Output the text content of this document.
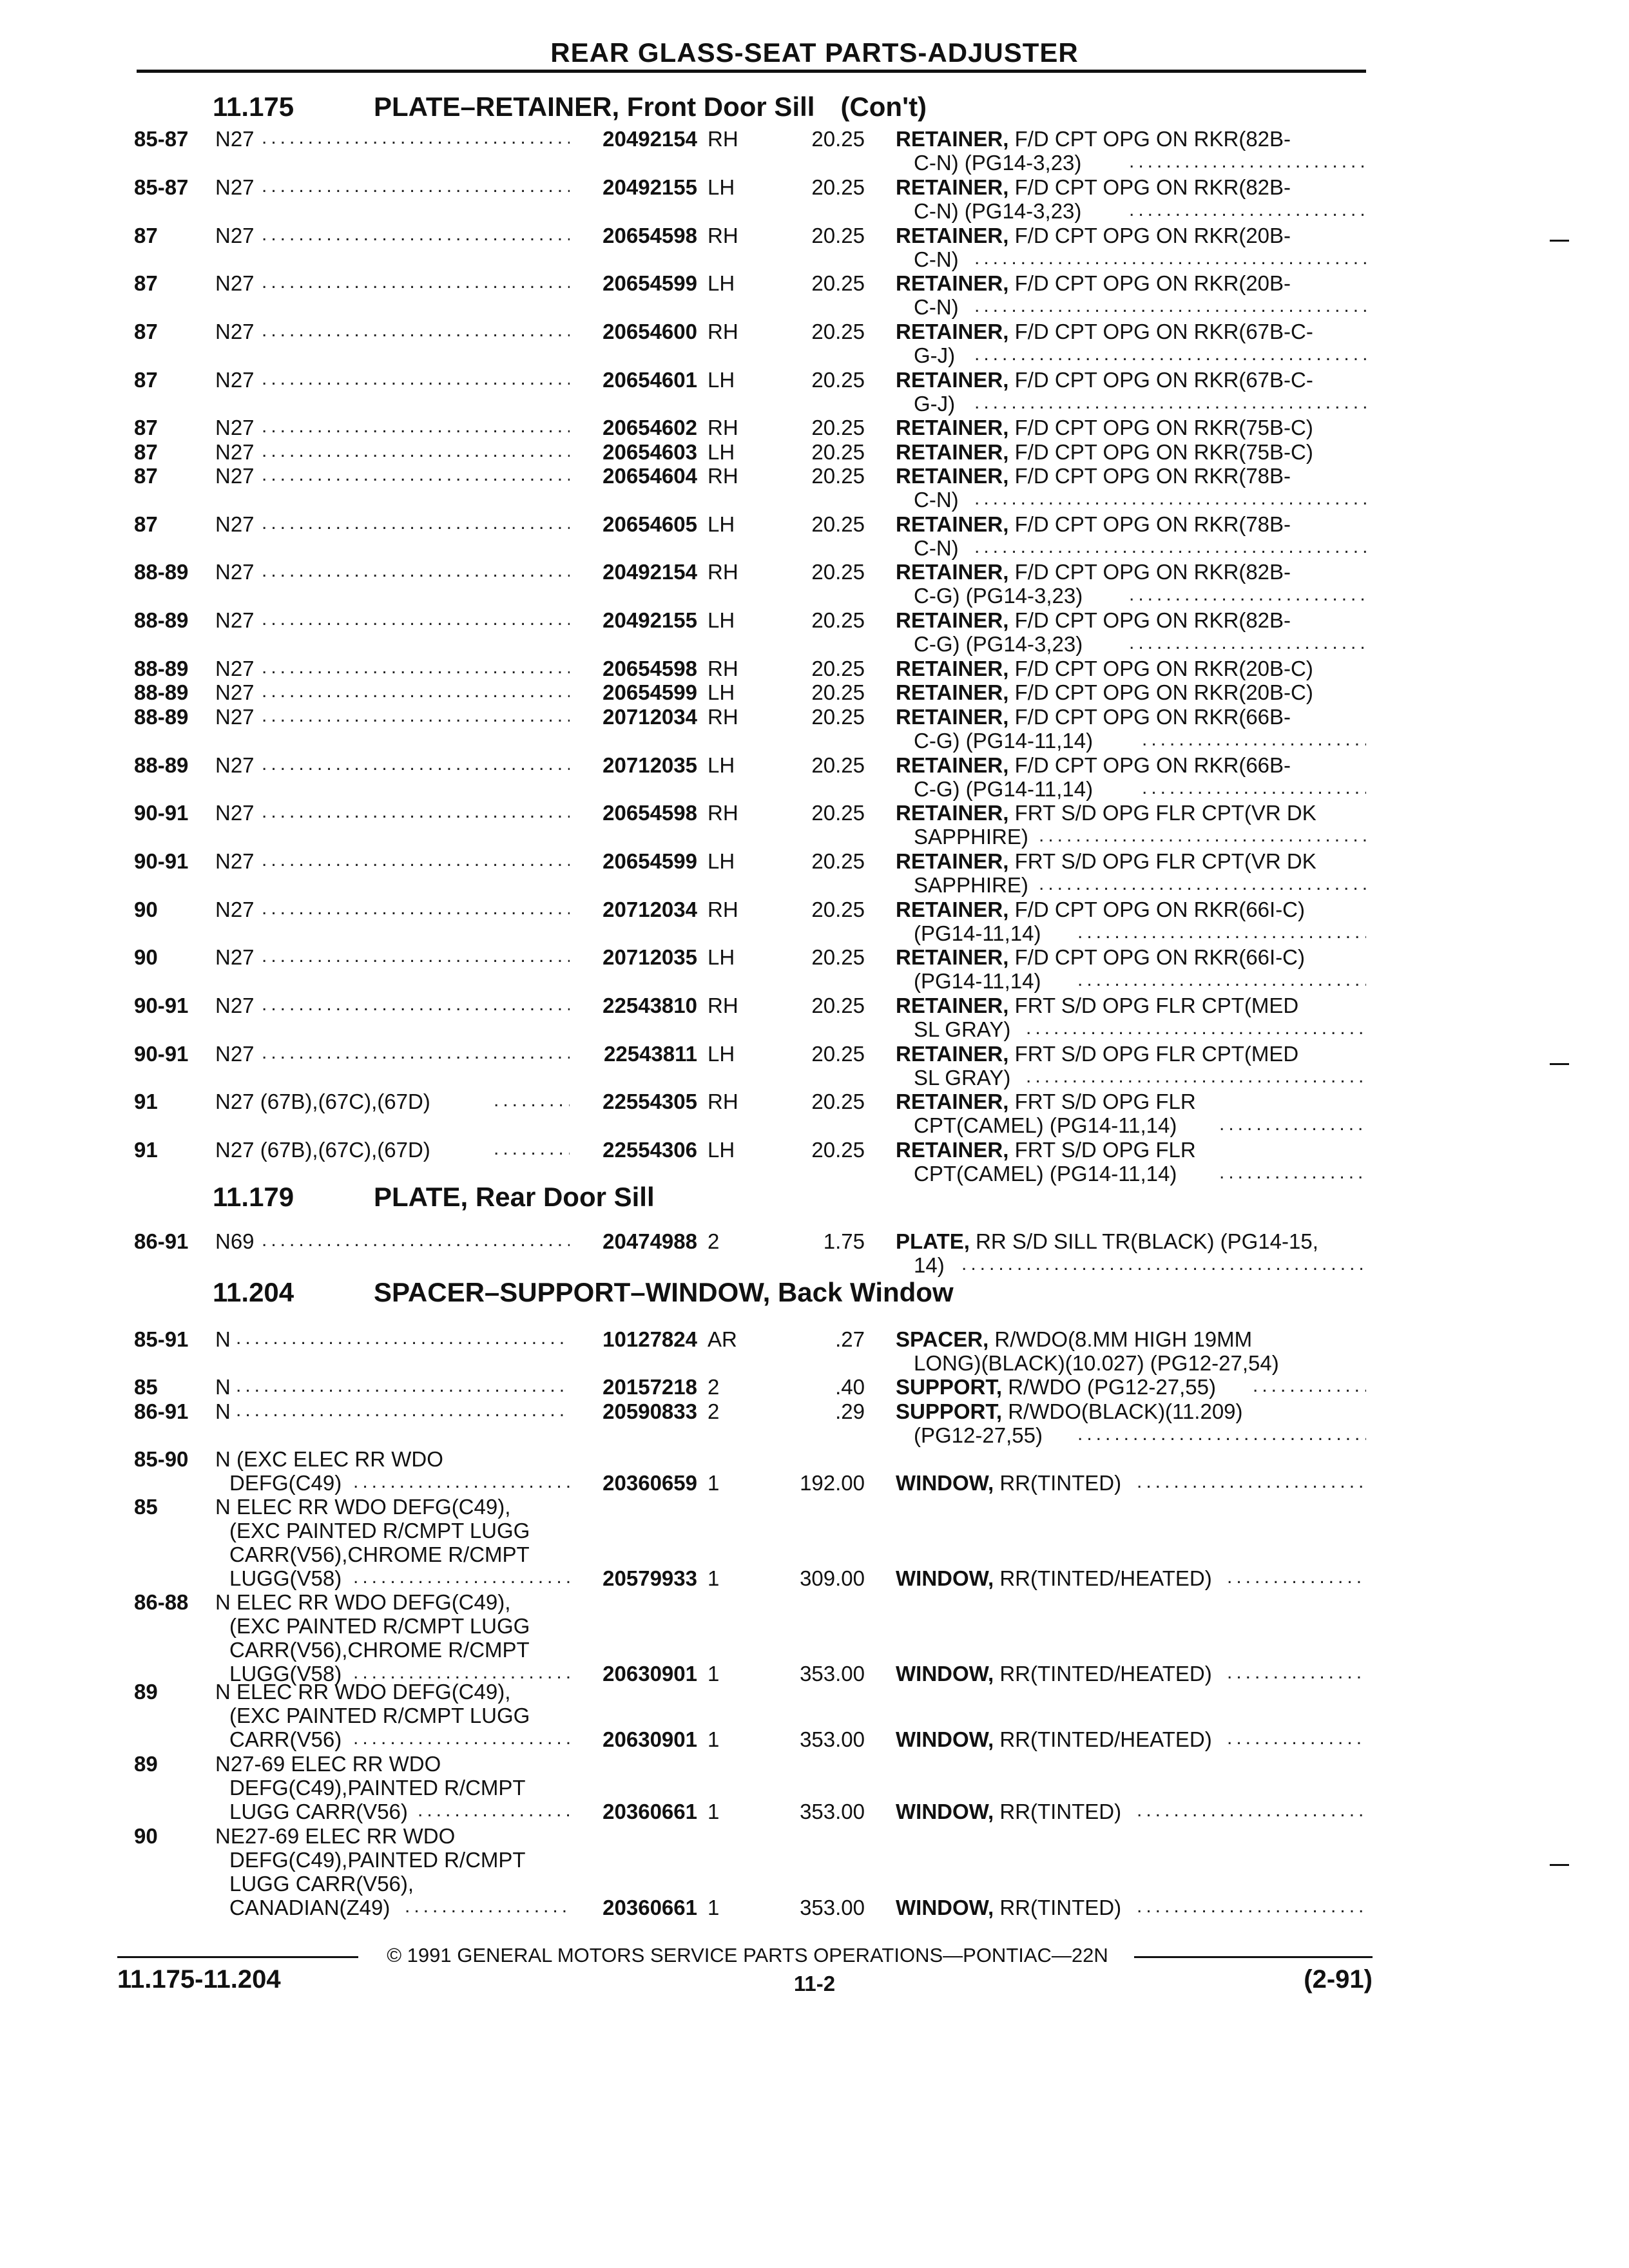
REAR GLASS-SEAT PARTS-ADJUSTER
11.175	PLATE–RETAINER, Front Door Sill (Con't)
11.179	PLATE, Rear Door Sill
11.204	SPACER–SUPPORT–WINDOW, Back Window
85-87 N27 .....	20492154 RH	20.25 RETAINER, F/D CPT OPG ON RKR(82B-
C-N) (PG14-3,23)
.....
85-87 N27 .....	20492155 LH	20.25 RETAINER, F/D CPT OPG ON RKR(82B-
C-N) (PG14-3,23)
.....
87	N27 .....	20654598 RH	20.25 RETAINER, F/D CPT OPG ON RKR(20B-
C-N)
.....
87	N27 .....	20654599 LH	20.25 RETAINER, F/D CPT OPG ON RKR(20B-
C-N)
.....
87	N27 .....	20654600 RH	20.25 RETAINER, F/D CPT OPG ON RKR(67B-C-
G-J)
.....
87	N27 .....	20654601 LH	20.25 RETAINER, F/D CPT OPG ON RKR(67B-C-
G-J)
.....
87	N27 .....	20654602 RH	20.25 RETAINER, F/D CPT OPG ON RKR(75B-C)
87	N27 .....	20654603 LH	20.25 RETAINER, F/D CPT OPG ON RKR(75B-C)
87	N27 .....	20654604 RH	20.25 RETAINER, F/D CPT OPG ON RKR(78B-
C-N)
.....
87	N27 .....	20654605 LH	20.25 RETAINER, F/D CPT OPG ON RKR(78B-
C-N)
.....
88-89 N27 .....	20492154 RH	20.25 RETAINER, F/D CPT OPG ON RKR(82B-
C-G) (PG14-3,23)
.....
88-89 N27 .....	20492155 LH	20.25 RETAINER, F/D CPT OPG ON RKR(82B-
C-G) (PG14-3,23)
.....
88-89 N27 .....	20654598 RH	20.25 RETAINER, F/D CPT OPG ON RKR(20B-C)
88-89 N27 .....	20654599 LH	20.25 RETAINER, F/D CPT OPG ON RKR(20B-C)
88-89 N27 .....	20712034 RH	20.25 RETAINER, F/D CPT OPG ON RKR(66B-
C-G) (PG14-11,14)
.....
88-89 N27 .....	20712035 LH	20.25 RETAINER, F/D CPT OPG ON RKR(66B-
C-G) (PG14-11,14)
.....
90-91 N27 .....	20654598 RH	20.25 RETAINER, FRT S/D OPG FLR CPT(VR DK
SAPPHIRE)
.....
90-91 N27 .....	20654599 LH	20.25 RETAINER, FRT S/D OPG FLR CPT(VR DK
SAPPHIRE)
.....
90	N27 .....	20712034 RH	20.25 RETAINER, F/D CPT OPG ON RKR(66I-C)
(PG14-11,14)
.....
90	N27 .....	20712035 LH	20.25 RETAINER, F/D CPT OPG ON RKR(66I-C)
(PG14-11,14)
.....
90-91 N27 .....	22543810 RH	20.25 RETAINER, FRT S/D OPG FLR CPT(MED
SL GRAY)
.....
90-91 N27 .....	22543811 LH	20.25 RETAINER, FRT S/D OPG FLR CPT(MED
SL GRAY)
.....
91	N27 (67B),(67C),(67D) .....	22554305 RH	20.25 RETAINER, FRT S/D OPG FLR
CPT(CAMEL) (PG14-11,14)
.....
91	N27 (67B),(67C),(67D) .....	22554306 LH	20.25 RETAINER, FRT S/D OPG FLR
CPT(CAMEL) (PG14-11,14)
.....
86-91 N69 .....	20474988 2	1.75 PLATE, RR S/D SILL TR(BLACK) (PG14-15,
14)
.....
85-91 N .....	10127824 AR	.27 SPACER, R/WDO(8.MM HIGH 19MM
LONG)(BLACK)(10.027) (PG12-27,54)
85	N .....	20157218 2	.40 SUPPORT, R/WDO (PG12-27,55)
.....
86-91 N .....	20590833 2	.29 SUPPORT, R/WDO(BLACK)(11.209)
(PG12-27,55)
.....
85-90 N (EXC ELEC RR WDO
DEFG(C49) .....	20360659 1	192.00 WINDOW, RR(TINTED)
.....
85	N ELEC RR WDO DEFG(C49),
(EXC PAINTED R/CMPT LUGG
CARR(V56),CHROME R/CMPT
LUGG(V58) .....	20579933 1	309.00 WINDOW, RR(TINTED/HEATED)
.....
86-88 N ELEC RR WDO DEFG(C49),
(EXC PAINTED R/CMPT LUGG
CARR(V56),CHROME R/CMPT
LUGG(V58) .....	20630901 1	353.00 WINDOW, RR(TINTED/HEATED)
.....
89	N ELEC RR WDO DEFG(C49),
(EXC PAINTED R/CMPT LUGG
CARR(V56) .....	20630901 1	353.00 WINDOW, RR(TINTED/HEATED)
.....
89	N27-69 ELEC RR WDO
DEFG(C49),PAINTED R/CMPT
LUGG CARR(V56) .....	20360661 1	353.00 WINDOW, RR(TINTED)
.....
90	NE27-69 ELEC RR WDO
DEFG(C49),PAINTED R/CMPT
LUGG CARR(V56),
CANADIAN(Z49) .....	20360661 1	353.00 WINDOW, RR(TINTED)
.....
© 1991 GENERAL MOTORS SERVICE PARTS OPERATIONS—PONTIAC—22N
11.175-11.204	11-2	(2-91)
